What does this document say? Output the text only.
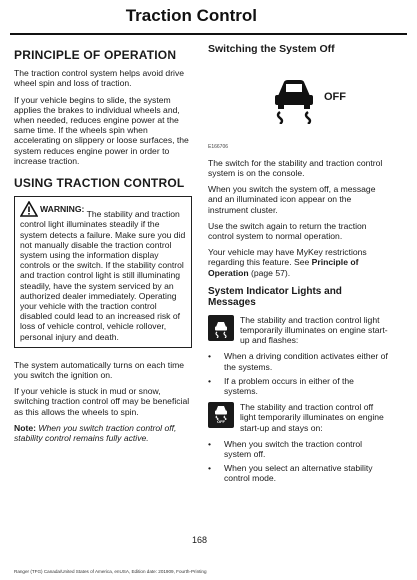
Traction Control
PRINCIPLE OF OPERATION

The traction control system helps avoid drive wheel spin and loss of traction.

If your vehicle begins to slide, the system applies the brakes to individual wheels and, when needed, reduces engine power at the same time. If the wheels spin when accelerating on slippery or loose surfaces, the system reduces engine power in order to increase traction.

USING TRACTION CONTROL
WARNING:
The stability and traction control light illuminates steadily if the system detects a failure. Make sure you did not manually disable the traction control system using the information display controls or the switch. If the stability control and traction control light is still illuminating steadily, have the system serviced by an authorized dealer immediately. Operating your vehicle with the traction control disabled could lead to an increased risk of loss of vehicle control, vehicle rollover, personal injury and death.

The system automatically turns on each time you switch the ignition on.

If your vehicle is stuck in mud or snow, switching traction control off may be beneficial as this allows the wheels to spin.

Note: When you switch traction control off, stability control remains fully active.

Switching the System Off
OFF
E166706

The switch for the stability and traction control system is on the console.

When you switch the system off, a message and an illuminated icon appear on the instrument cluster.

Use the switch again to return the traction control system to normal operation.

Your vehicle may have MyKey restrictions regarding this feature. See Principle of Operation (page 57).

System Indicator Lights and Messages
The stability and traction control light temporarily illuminates on engine start-up and flashes:
• When a driving condition activates either of the systems.
• If a problem occurs in either of the systems.
OFF
The stability and traction control off light temporarily illuminates on engine start-up and stays on:
• When you switch the traction control system off.
• When you select an alternative stability control mode.
168
Ranger (TFG) Canada/United States of America, enUSA, Edition date: 201909, Fourth-Printing
